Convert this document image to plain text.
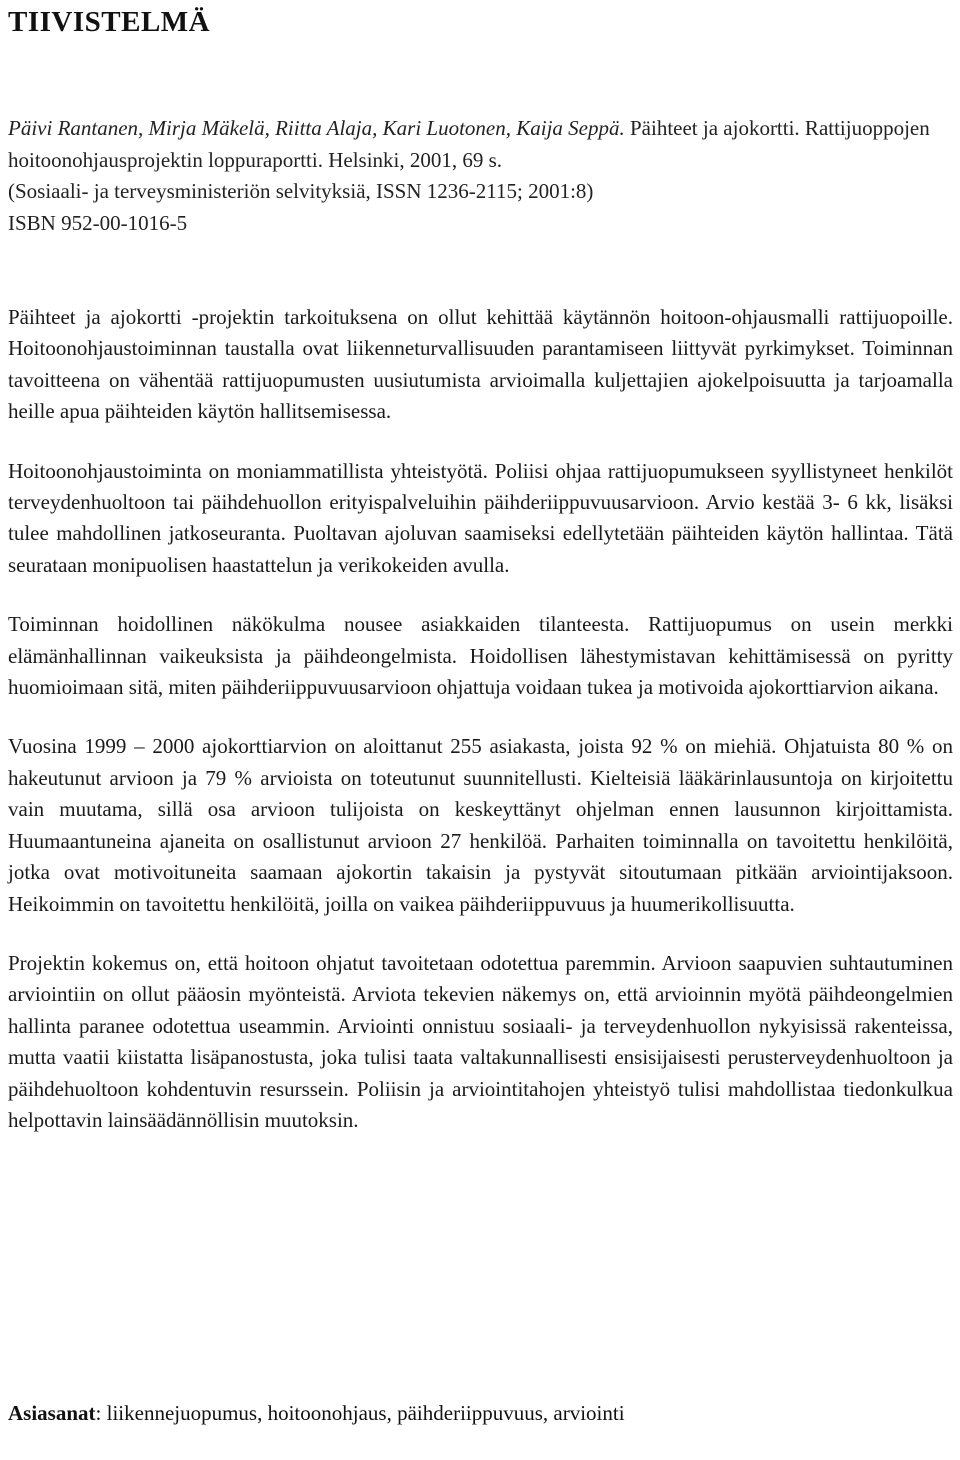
TIIVISTELMÄ
Päivi Rantanen, Mirja Mäkelä, Riitta Alaja, Kari Luotonen, Kaija Seppä. Päihteet ja ajokortti. Rattijuoppojen hoitoonohjausprojektin loppuraportti. Helsinki, 2001, 69 s.
(Sosiaali- ja terveysministeriön selvityksiä, ISSN 1236-2115; 2001:8)
ISBN 952-00-1016-5

Päihteet ja ajokortti -projektin tarkoituksena on ollut kehittää käytännön hoitoon-ohjausmalli rattijuopoille. Hoitoonohjaustoiminnan taustalla ovat liikenneturvallisuuden parantamiseen liittyvät pyrkimykset. Toiminnan tavoitteena on vähentää rattijuopumusten uusiutumista arvioimalla kuljettajien ajokelpoisuutta ja tarjoamalla heille apua päihteiden käytön hallitsemisessa.

Hoitoonohjaustoiminta on moniammatillista yhteistyötä. Poliisi ohjaa rattijuopumukseen syyllistyneet henkilöt terveydenhuoltoon tai päihdehuollon erityispalveluihin päihderiippuvuusarvioon. Arvio kestää 3- 6 kk, lisäksi tulee mahdollinen jatkoseuranta. Puoltavan ajoluvan saamiseksi edellytetään päihteiden käytön hallintaa. Tätä seurataan monipuolisen haastattelun ja verikokeiden avulla.

Toiminnan hoidollinen näkökulma nousee asiakkaiden tilanteesta. Rattijuopumus on usein merkki elämänhallinnan vaikeuksista ja päihdeongelmista. Hoidollisen lähestymistavan kehittämisessä on pyritty huomioimaan sitä, miten päihderiippuvuusarvioon ohjattuja voidaan tukea ja motivoida ajokorttiarvion aikana.

Vuosina 1999 – 2000 ajokorttiarvion on aloittanut 255 asiakasta, joista 92 % on miehiä. Ohjatuista 80 % on hakeutunut arvioon ja 79 % arvioista on toteutunut suunnitellusti. Kielteisiä lääkärinlausuntoja on kirjoitettu vain muutama, sillä osa arvioon tulijoista on keskeyttänyt ohjelman ennen lausunnon kirjoittamista. Huumaantuneina ajaneita on osallistunut arvioon 27 henkilöä. Parhaiten toiminnalla on tavoitettu henkilöitä, jotka ovat motivoituneita saamaan ajokortin takaisin ja pystyvät sitoutumaan pitkään arviointijaksoon. Heikoimmin on tavoitettu henkilöitä, joilla on vaikea päihderiippuvuus ja huumerikollisuutta.

Projektin kokemus on, että hoitoon ohjatut tavoitetaan odotettua paremmin. Arvioon saapuvien suhtautuminen arviointiin on ollut pääosin myönteistä. Arviota tekevien näkemys on, että arvioinnin myötä päihdeongelmien hallinta paranee odotettua useammin. Arviointi onnistuu sosiaali- ja terveydenhuollon nykyisissä rakenteissa, mutta vaatii kiistatta lisäpanostusta, joka tulisi taata valtakunnallisesti ensisijaisesti perusterveydenhuoltoon ja päihdehuoltoon kohdentuvin resurssein. Poliisin ja arviointitahojen yhteistyö tulisi mahdollistaa tiedonkulkua helpottavin lainsäädännöllisin muutoksin.

Asiasanat: liikennejuopumus, hoitoonohjaus, päihderiippuvuus, arviointi
